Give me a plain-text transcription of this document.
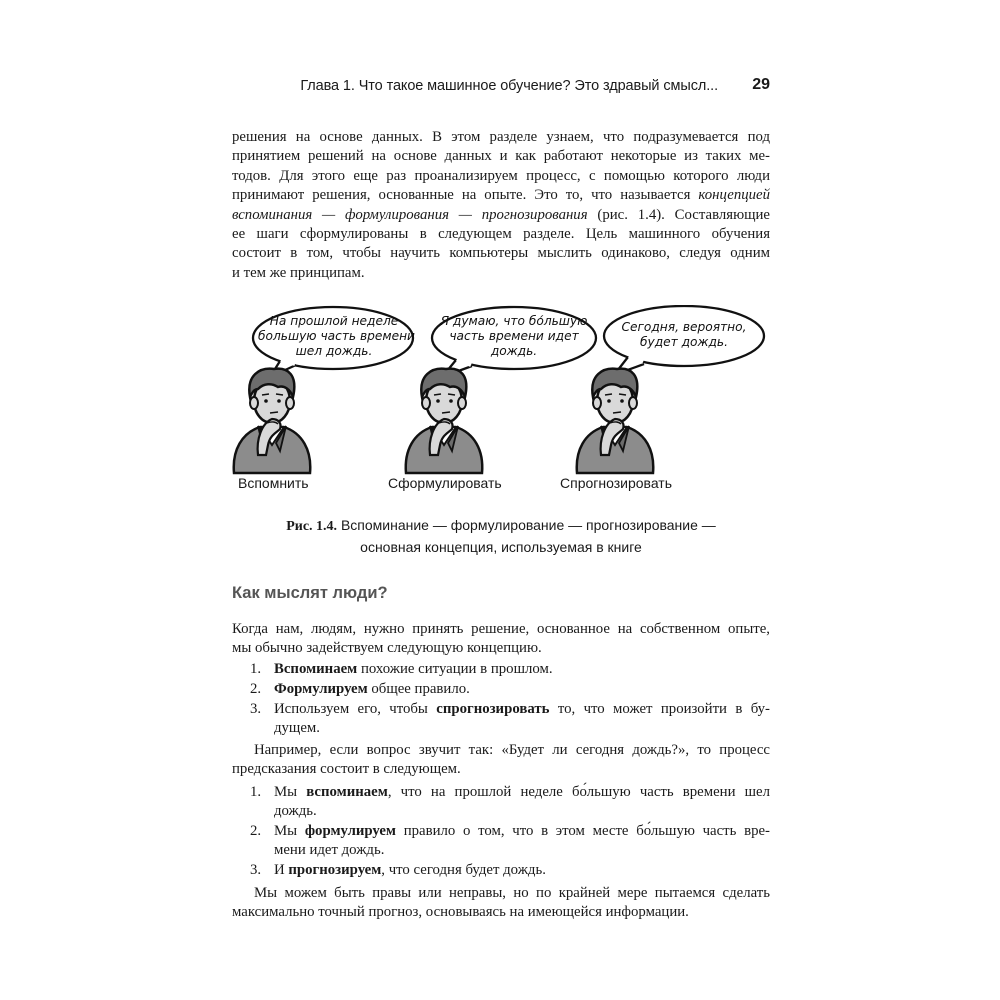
Глава 1. Что такое машинное обучение? Это здравый смысл... 29
решения на основе данных. В этом разделе узнаем, что подразумевается под
принятием решений на основе данных и как работают некоторые из таких ме-
тодов. Для этого еще раз проанализируем процесс, с помощью которого люди
принимают решения, основанные на опыте. Это то, что называется концепцией
вспоминания — формулирования — прогнозирования (рис. 1.4). Составляющие
ее шаги сформулированы в следующем разделе. Цель машинного обучения
состоит в том, чтобы научить компьютеры мыслить одинаково, следуя одним
и тем же принципам.
На прошлой неделе
большую часть времени
шел дождь.
Я думаю, что бо́льшую
часть времени идет
дождь.
Сегодня, вероятно,
будет дождь.
Вспомнить	Сформулировать	Спрогнозировать
Рис. 1.4. Вспоминание — формулирование — прогнозирование —
основная концепция, используемая в книге
Как мыслят люди?
Когда нам, людям, нужно принять решение, основанное на собственном опыте,
мы обычно задействуем следующую концепцию.
1. Вспоминаем похожие ситуации в прошлом.
2. Формулируем общее правило.
3. Используем его, чтобы спрогнозировать то, что может произойти в бу-
дущем.
Например, если вопрос звучит так: «Будет ли сегодня дождь?», то процесс
предсказания состоит в следующем.
1. Мы вспоминаем, что на прошлой неделе бо́льшую часть времени шел
дождь.
2. Мы формулируем правило о том, что в этом месте бо́льшую часть вре-
мени идет дождь.
3. И прогнозируем, что сегодня будет дождь.
Мы можем быть правы или неправы, но по крайней мере пытаемся сделать
максимально точный прогноз, основываясь на имеющейся информации.
